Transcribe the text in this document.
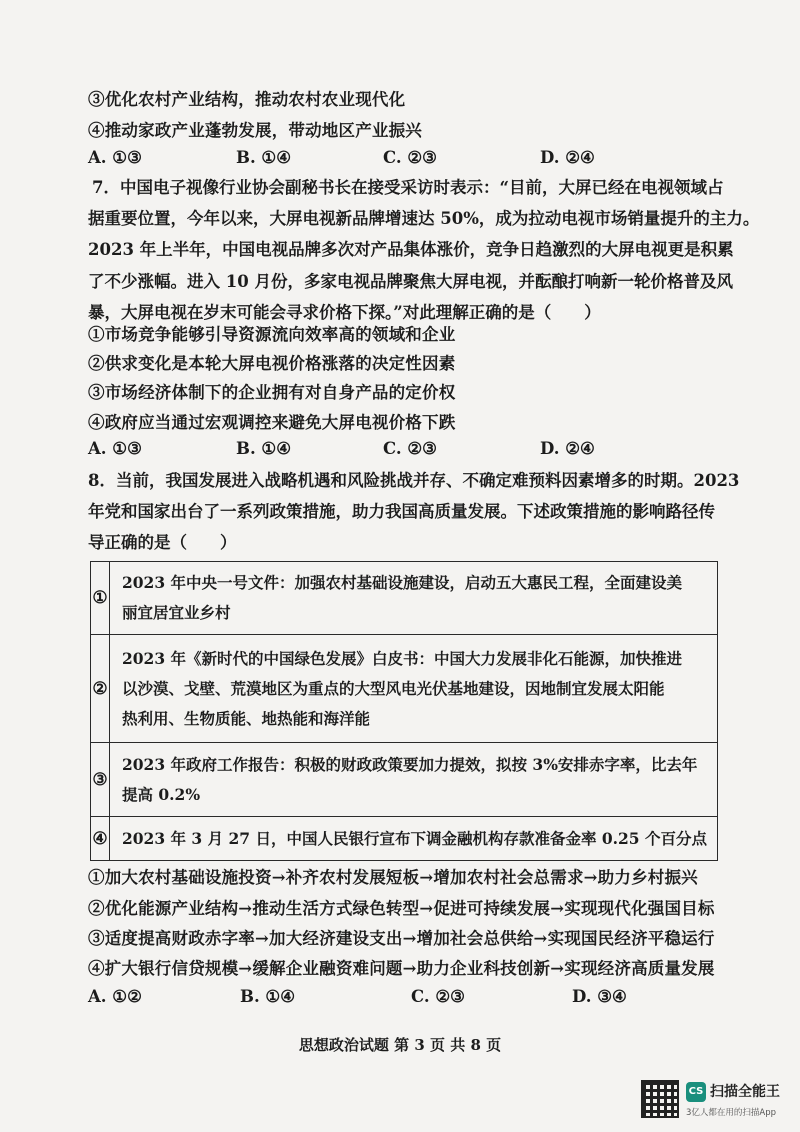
③优化农村产业结构，推动农村农业现代化
④推动家政产业蓬勃发展，带动地区产业振兴
A. ①③	B. ①④	C. ②③	D. ②④
7．中国电子视像行业协会副秘书长在接受采访时表示：“目前，大屏已经在电视领域占
据重要位置，今年以来，大屏电视新品牌增速达 50%，成为拉动电视市场销量提升的主力。
2023 年上半年，中国电视品牌多次对产品集体涨价，竞争日趋激烈的大屏电视更是积累
了不少涨幅。进入 10 月份，多家电视品牌聚焦大屏电视，并酝酿打响新一轮价格普及风
暴，大屏电视在岁末可能会寻求价格下探。”对此理解正确的是（　　）
①市场竞争能够引导资源流向效率高的领域和企业
②供求变化是本轮大屏电视价格涨落的决定性因素
③市场经济体制下的企业拥有对自身产品的定价权
④政府应当通过宏观调控来避免大屏电视价格下跌
A. ①③	B. ①④	C. ②③	D. ②④
8．当前，我国发展进入战略机遇和风险挑战并存、不确定难预料因素增多的时期。2023
年党和国家出台了一系列政策措施，助力我国高质量发展。下述政策措施的影响路径传
导正确的是（　　）
①	2023 年中央一号文件：加强农村基础设施建设，启动五大惠民工程，全面建设美
丽宜居宜业乡村

②	2023 年《新时代的中国绿色发展》白皮书：中国大力发展非化石能源，加快推进
以沙漠、戈壁、荒漠地区为重点的大型风电光伏基地建设，因地制宜发展太阳能
热利用、生物质能、地热能和海洋能

③	2023 年政府工作报告：积极的财政政策要加力提效，拟按 3%安排赤字率，比去年
提高 0.2%

④	2023 年 3 月 27 日，中国人民银行宣布下调金融机构存款准备金率 0.25 个百分点
①加大农村基础设施投资→补齐农村发展短板→增加农村社会总需求→助力乡村振兴
②优化能源产业结构→推动生活方式绿色转型→促进可持续发展→实现现代化强国目标
③适度提高财政赤字率→加大经济建设支出→增加社会总供给→实现国民经济平稳运行
④扩大银行信贷规模→缓解企业融资难问题→助力企业科技创新→实现经济高质量发展
A. ①②	B. ①④	C. ②③	D. ③④
思想政治试题 第 3 页 共 8 页
CS 扫描全能王
3亿人都在用的扫描App
